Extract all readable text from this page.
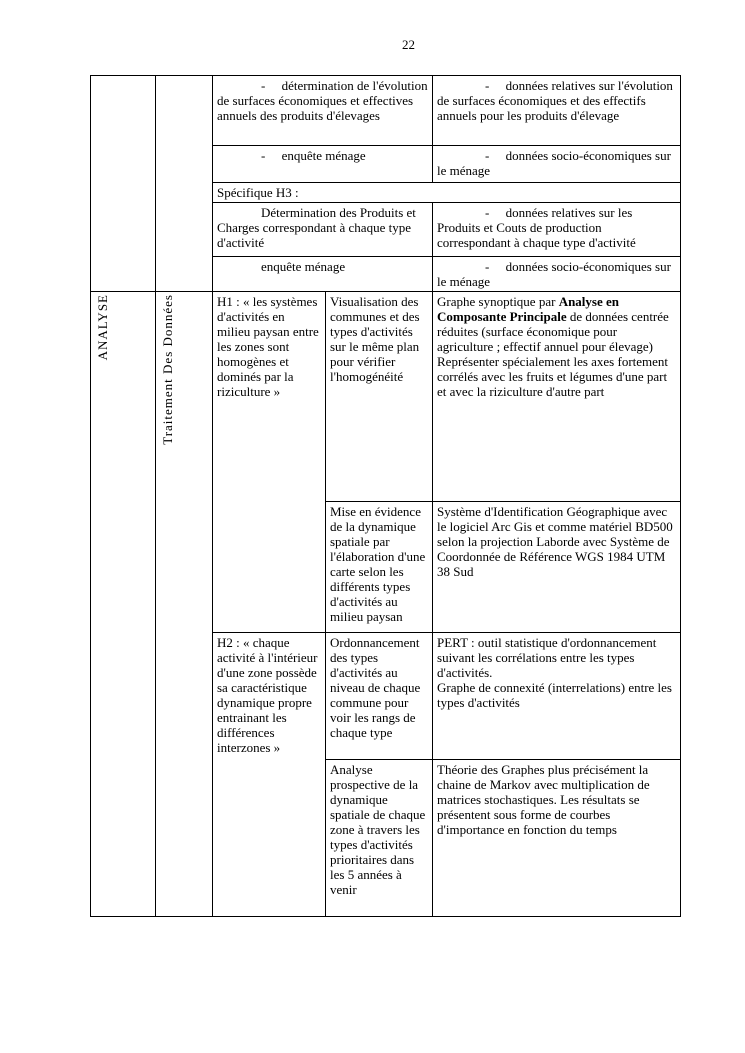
22
		-     détermination de l'évolution de surfaces économiques et effectives annuels des produits d'élevages		-     données relatives sur l'évolution de surfaces économiques et des effectifs annuels pour les produits d'élevage
		-     enquête ménage		-     données socio-économiques sur le ménage
		Spécifique H3 :		
		Détermination des Produits et Charges correspondant à chaque type d'activité		-     données relatives sur les Produits et Couts de production correspondant à chaque type d'activité
		enquête ménage		-     données socio-économiques sur le ménage
ANALYSE	Traitement Des Données	H1 : « les systèmes d'activités en milieu paysan entre les zones sont homogènes et dominés par la riziculture »	Visualisation des communes et des types d'activités sur le même plan pour vérifier l'homogénéité	Graphe synoptique par Analyse en Composante Principale de données centrée réduites (surface économique pour agriculture ; effectif annuel pour élevage) Représenter spécialement les axes fortement corrélés avec les fruits et légumes d'une part et avec la riziculture d'autre part
			Mise en évidence de la dynamique spatiale par l'élaboration d'une carte selon les différents types d'activités au milieu paysan	Système d'Identification Géographique avec le logiciel Arc Gis et comme matériel BD500 selon la projection Laborde avec Système de Coordonnée de Référence WGS 1984 UTM 38 Sud
		H2 : « chaque activité à l'intérieur d'une zone possède sa caractéristique dynamique propre entrainant les différences interzones »	Ordonnancement des types d'activités au niveau de chaque commune pour voir les rangs de chaque type	PERT : outil statistique d'ordonnancement suivant les corrélations entre les types d'activités.
Graphe de connexité (interrelations) entre les types d'activités

			Analyse prospective de la dynamique spatiale de chaque zone à travers les types d'activités prioritaires dans les 5 années à venir	Théorie des Graphes plus précisément la chaine de Markov avec multiplication de matrices stochastiques. Les résultats se présentent sous forme de courbes d'importance en fonction du temps
